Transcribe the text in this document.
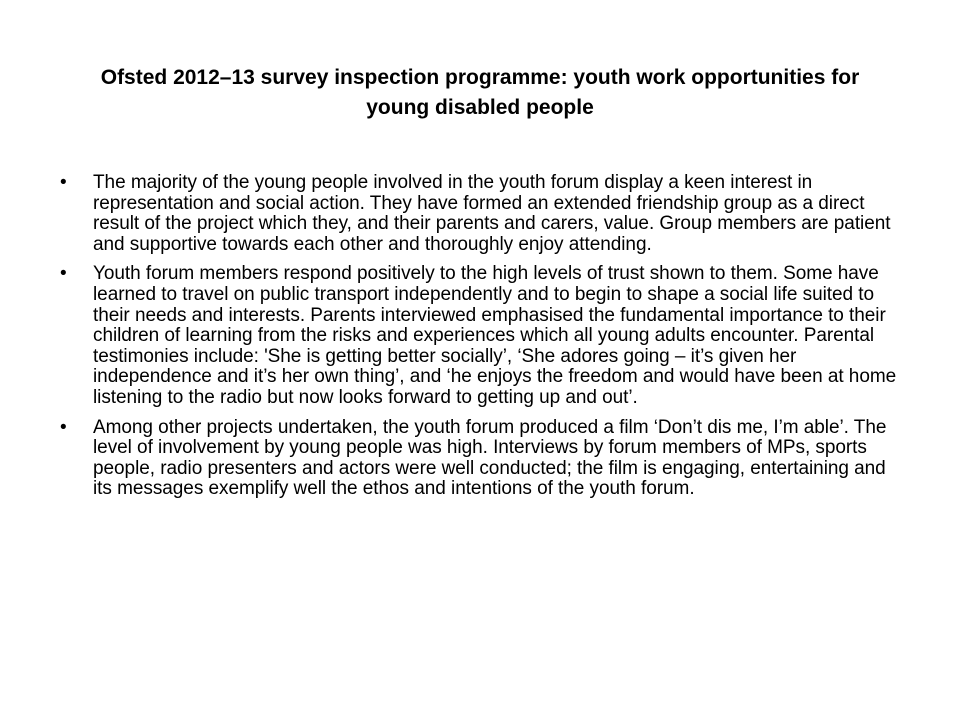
Ofsted 2012–13 survey inspection programme: youth work opportunities for young disabled people
•	The majority of the young people involved in the youth forum display a keen interest in representation and social action. They have formed an extended friendship group as a direct result of the project which they, and their parents and carers, value. Group members are patient and supportive towards each other and thoroughly enjoy attending.
•	Youth forum members respond positively to the high levels of trust shown to them. Some have learned to travel on public transport independently and to begin to shape a social life suited to their needs and interests. Parents interviewed emphasised the fundamental importance to their children of learning from the risks and experiences which all young adults encounter. Parental testimonies include: 'She is getting better socially’, ‘She adores going – it’s given her independence and it’s her own thing’, and ‘he enjoys the freedom and would have been at home listening to the radio but now looks forward to getting up and out’.
•	Among other projects undertaken, the youth forum produced a film ‘Don’t dis me, I’m able’. The level of involvement by young people was high. Interviews by forum members of MPs, sports people, radio presenters and actors were well conducted; the film is engaging, entertaining and its messages exemplify well the ethos and intentions of the youth forum.
